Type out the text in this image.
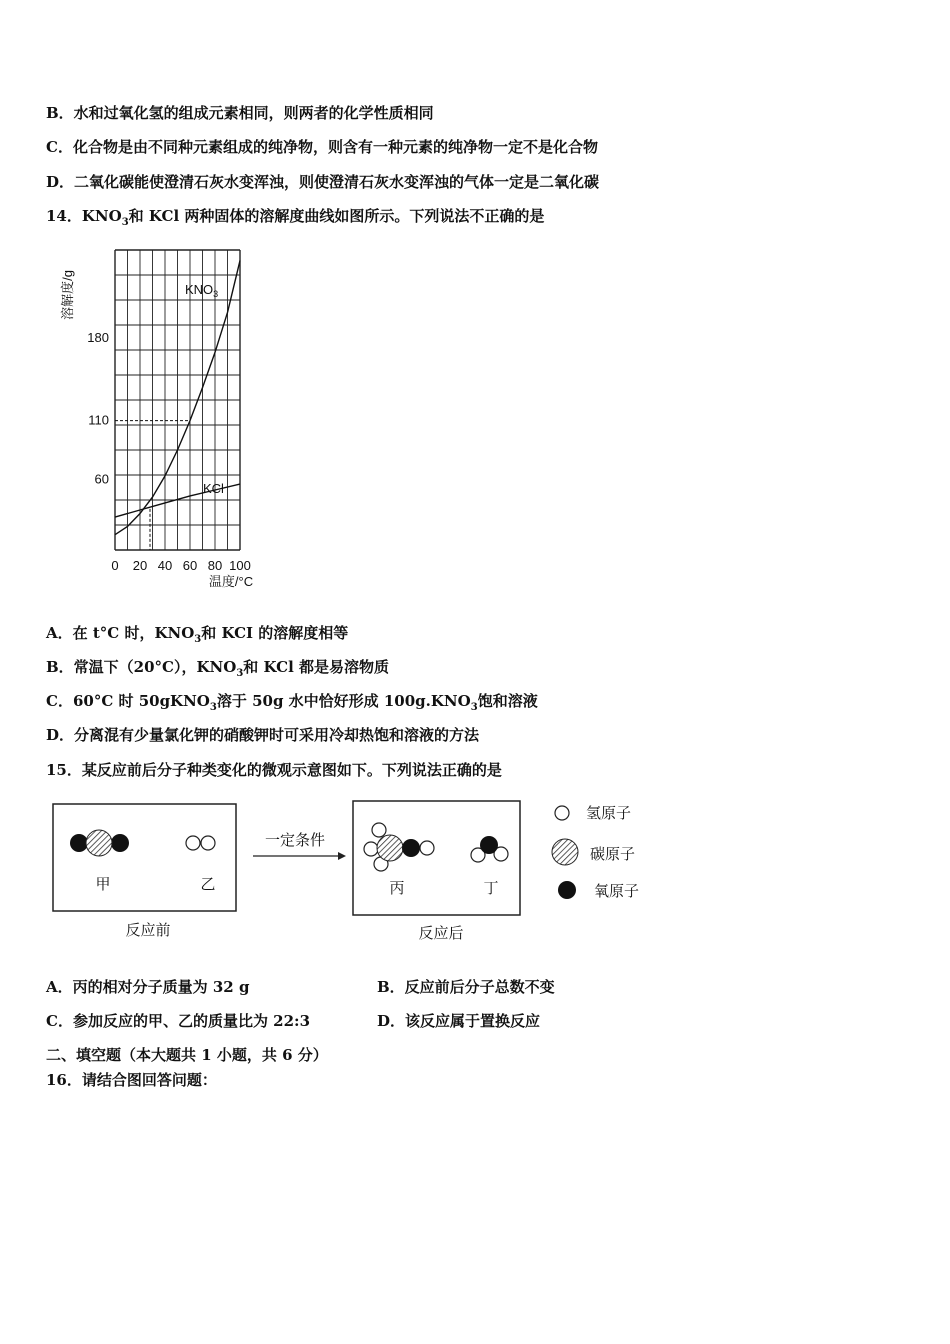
B．水和过氧化氢的组成元素相同，则两者的化学性质相同
C．化合物是由不同种元素组成的纯净物，则含有一种元素的纯净物一定不是化合物
D．二氧化碳能使澄清石灰水变浑浊，则使澄清石灰水变浑浊的气体一定是二氧化碳
14．$KNO_3$和 KCl 两种固体的溶解度曲线如图所示。下列说法不正确的是
0 20 40 60 80 100
60
110
180
溶解度/g
温度/°C
$KNO_3$
KCl
A．在 t°C 时，$KNO_3$和 KCI 的溶解度相等
B．常温下（20°C），$KNO_3$和 KCl 都是易溶物质
C．60°C 时 50gKNO$_3$溶于 50g 水中恰好形成 $100g.KNO_3$饱和溶液
D．分离混有少量氯化钾的硝酸钾时可采用冷却热饱和溶液的方法
15．某反应前后分子种类变化的微观示意图如下。下列说法正确的是
甲	乙
反应前
一定条件
丙	丁
反应后
氢原子
碳原子
氧原子
A．丙的相对分子质量为 32 g	B．反应前后分子总数不变
C．参加反应的甲、乙的质量比为 22:3	D．该反应属于置换反应
二、填空题（本大题共 1 小题，共 6 分）
16．请结合图回答问题：
